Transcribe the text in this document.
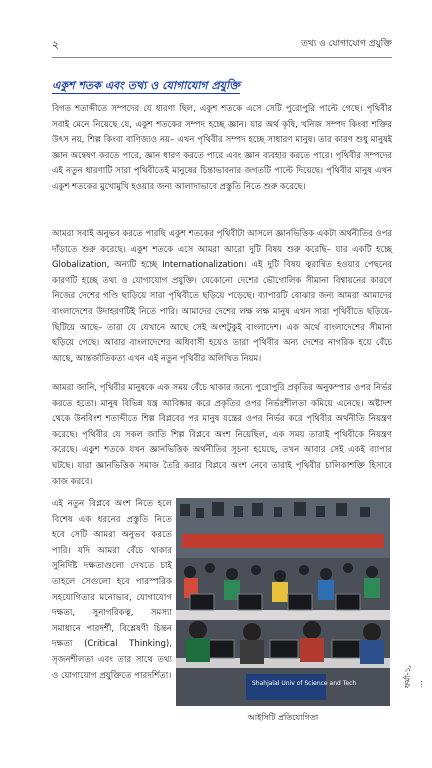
২	তথ্য ও যোগাযোগ প্রযুক্তি
একুশ শতক এবং তথ্য ও যোগাযোগ প্রযুক্তি

বিগত শতাব্দীতে সম্পদের যে ধারণা ছিল, একুশ শতকে এসে সেটি পুরোপুরি পাল্টে গেছে। পৃথিবীর সবাই মেনে নিয়েছে যে, একুশ শতকের সম্পদ হচ্ছে জ্ঞান। যার অর্থ কৃষি, খনিজ সম্পদ কিংবা শক্তির উৎস নয়, শিল্প কিংবা বাণিজ্যও নয়– এখন পৃথিবীর সম্পদ হচ্ছে সাধারণ মানুষ। তার কারণ শুধু মানুষই জ্ঞান অন্বেষণ করতে পারে, জ্ঞান ধারণ করতে পারে এবং জ্ঞান ব্যবহার করতে পারে। পৃথিবীর সম্পদের এই নতুন ধারণাটি সারা পৃথিবীতেই মানুষের চিন্তাভাবনার জগতটি পাল্টে দিয়েছে। পৃথিবীর মানুষ এখন একুশ শতকের মুখোমুখি হওয়ার জন্য আলাদাভাবে প্রস্তুতি নিতে শুরু করেছে।

আমরা সবাই অনুভব করতে পারছি একুশ শতকের পৃথিবীটা আসলে জ্ঞানভিত্তিক একটা অর্থনীতির ওপর দাঁড়াতে শুরু করেছে। একুশ শতকে এসে আমরা আরো দুটি বিষয় শুরু করেছি– যার একটি হচ্ছে Globalization, অন্যটি হচ্ছে Internationalization। এই দুটি বিষয় ত্বরান্বিত হওয়ার পেছনের কারণটি হচ্ছে তথ্য ও যোগাযোগ প্রযুক্তি। যেকোনো দেশের ভৌগোলিক সীমানা বিশ্বায়নের কারণে নিজের দেশের গণ্ডি ছাড়িয়ে সারা পৃথিবীতে ছড়িয়ে পড়েছে। ব্যাপারটি বোঝার জন্য আমরা আমাদের বাংলাদেশের উদাহরণটিই নিতে পারি। আমাদের দেশের লক্ষ লক্ষ মানুষ এখন সারা পৃথিবীতে ছড়িয়ে-ছিটিয়ে আছে– তারা যে যেখানে আছে সেই অংশটুকুই বাংলাদেশ। এক অর্থে বাংলাদেশের সীমানা ছড়িয়ে গেছে। আবার বাংলাদেশের অধিবাসী হয়েও তারা পৃথিবীর অন্য দেশের নাগরিক হয়ে বেঁচে আছে, আন্তর্জাতিকতা এখন এই নতুন পৃথিবীর অলিখিত নিয়ম।

আমরা জানি, পৃথিবীর মানুষকে এক সময় বেঁচে থাকার জন্যে পুরোপুরি প্রকৃতির অনুকম্পার ওপর নির্ভর করতে হতো। মানুষ বিভিন্ন যন্ত্র আবিষ্কার করে প্রকৃতির ওপর নির্ভরশীলতা কমিয়ে এনেছে। অষ্টাদশ থেকে উনবিংশ শতাব্দীতে শিল্প বিপ্লবের পর মানুষ যন্ত্রের ওপর নির্ভর করে পৃথিবীর অর্থনীতি নিয়ন্ত্রণ করেছে। পৃথিবীর যে সকল জাতি শিল্প বিপ্লবে অংশ নিয়েছিল, এক সময় তারাই পৃথিবীকে নিয়ন্ত্রণ করেছে। একুশ শতকে যখন জ্ঞানভিত্তিক অর্থনীতির সূচনা হয়েছে, তখন আবার সেই একই ব্যাপার ঘটছে। যারা জ্ঞানভিত্তিক সমাজ তৈরি করার বিপ্লবে অংশ নেবে তারাই পৃথিবীর চালিকাশক্তি হিসাবে কাজ করবে।

এই নতুন বিপ্লবে অংশ নিতে হলে বিশেষ এক ধরনের প্রস্তুতি নিতে হবে সেটি আমরা অনুভব করতে পারি। যদি আমরা বেঁচে থাকার সুনির্দিষ্ট দক্ষতাগুলো দেখতে চাই তাহলে সেগুলো হবে পারস্পরিক সহযোগিতার মনোভাব, যোগাযোগ দক্ষতা, সুনাগরিকত্ব, সমস্যা সমাধানে পারদর্শী, বিশ্লেষণী চিন্তন দক্ষতা (Critical Thinking), সৃজনশীলতা এবং তার সাথে তথ্য ও যোগাযোগ প্রযুক্তিতে পারদর্শিতা।

Shahjalal Univ of Science and Tech
আইসিটি প্রতিযোগিতা
ফর্মা-১, ...
